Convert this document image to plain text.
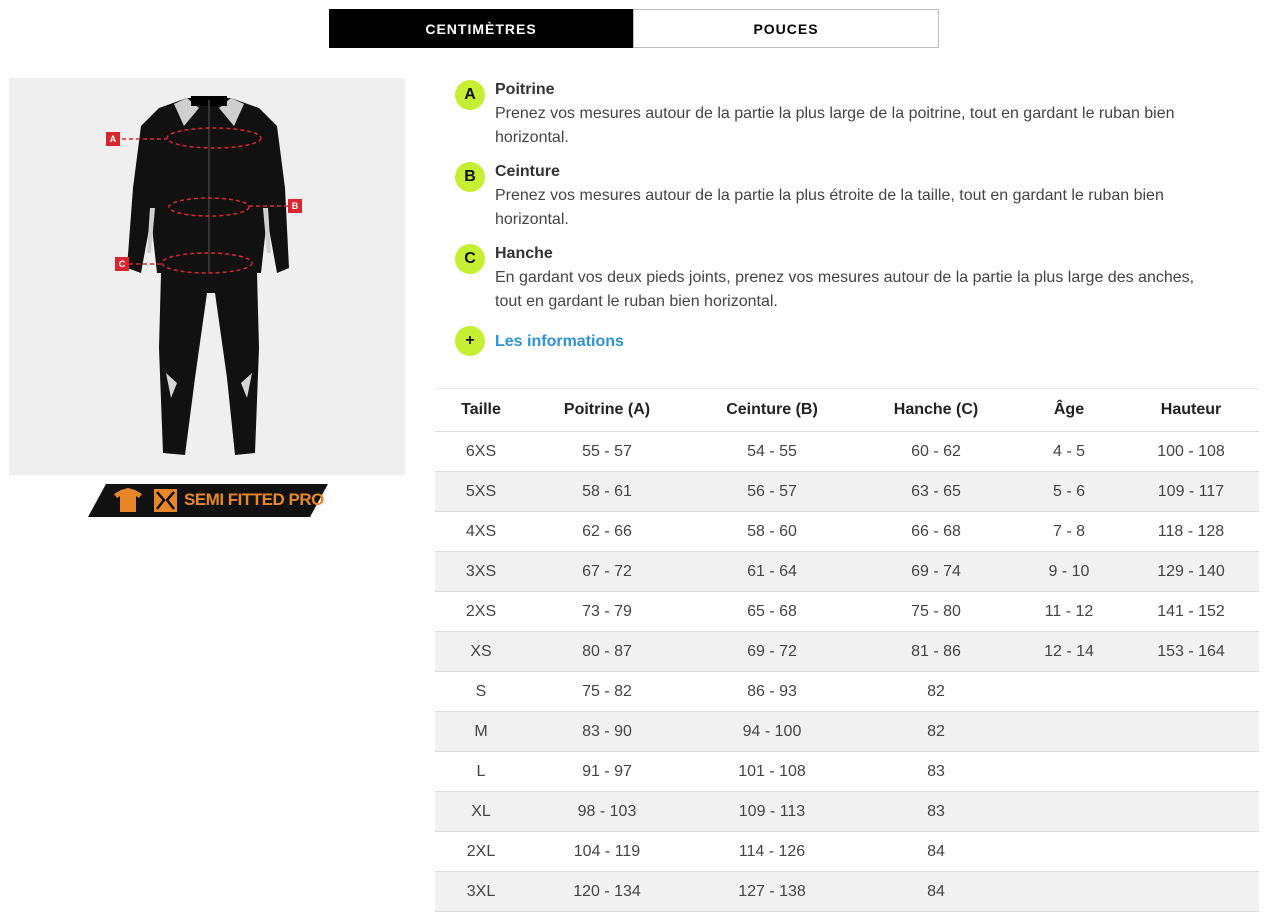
CENTIMÈTRES	POUCES
A
B
C
SEMI FITTED PRO
A	Poitrine
Prenez vos mesures autour de la partie la plus large de la poitrine, tout en gardant le ruban bien horizontal.
B	Ceinture
Prenez vos mesures autour de la partie la plus étroite de la taille, tout en gardant le ruban bien horizontal.
C	Hanche
En gardant vos deux pieds joints, prenez vos mesures autour de la partie la plus large des anches, tout en gardant le ruban bien horizontal.
+	Les informations
Taille	Poitrine (A)	Ceinture (B)	Hanche (C)	Âge	Hauteur
6XS	55 - 57	54 - 55	60 - 62	4 - 5	100 - 108
5XS	58 - 61	56 - 57	63 - 65	5 - 6	109 - 117
4XS	62 - 66	58 - 60	66 - 68	7 - 8	118 - 128
3XS	67 - 72	61 - 64	69 - 74	9 - 10	129 - 140
2XS	73 - 79	65 - 68	75 - 80	11 - 12	141 - 152
XS	80 - 87	69 - 72	81 - 86	12 - 14	153 - 164
S	75 - 82	86 - 93	82		
M	83 - 90	94 - 100	82		
L	91 - 97	101 - 108	83		
XL	98 - 103	109 - 113	83		
2XL	104 - 119	114 - 126	84		
3XL	120 - 134	127 - 138	84		
